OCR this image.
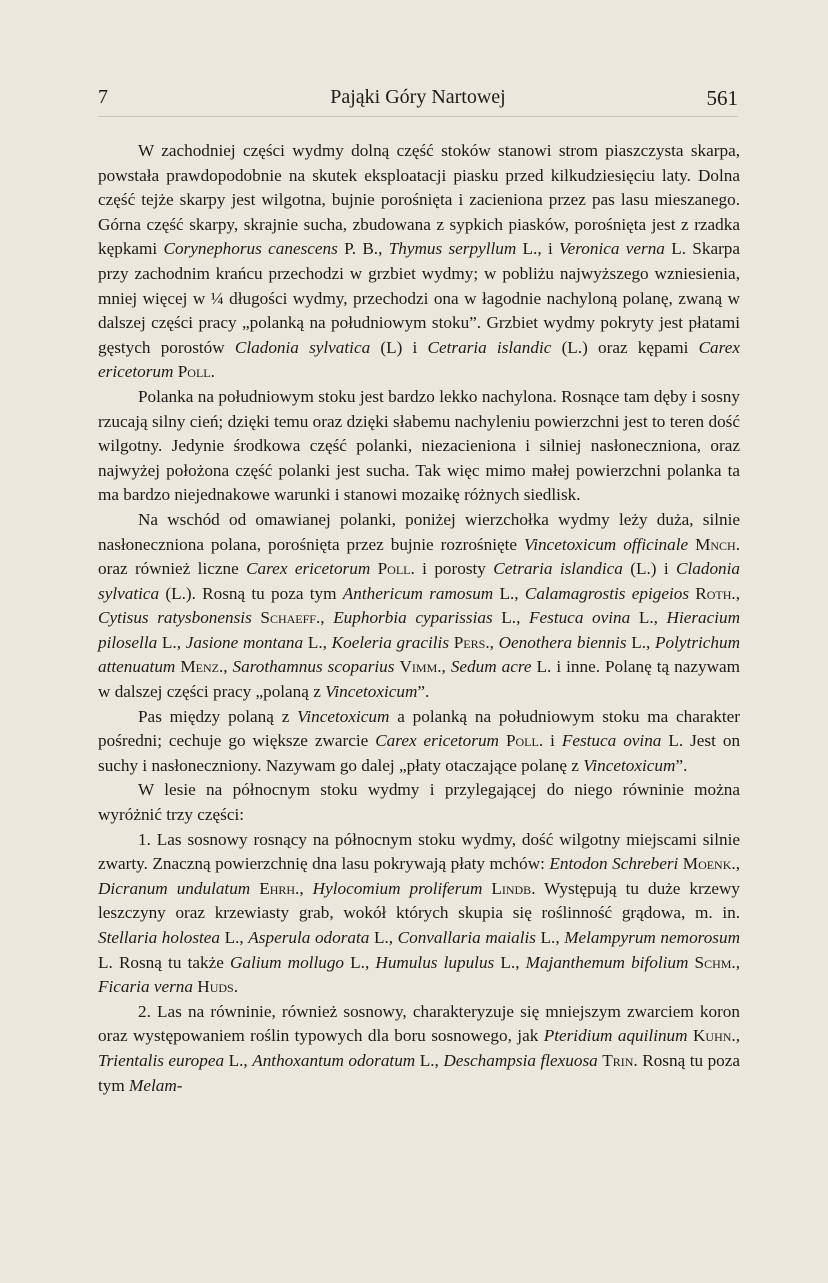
7	Pająki Góry Nartowej	561

W zachodniej części wydmy dolną część stoków stanowi strom piaszczysta skarpa, powstała prawdopodobnie na skutek eksploatacji piasku przed kilkudziesięciu laty. Dolna część tejże skarpy jest wilgotna, bujnie porośnięta i zacieniona przez pas lasu mieszanego. Górna część skarpy, skrajnie sucha, zbudowana z sypkich piasków, porośnięta jest z rzadka kępkami Corynephorus canescens P. B., Thymus serpyllum L., i Veronica verna L. Skarpa przy zachodnim krańcu przechodzi w grzbiet wydmy; w pobliżu najwyższego wzniesienia, mniej więcej w ¼ długości wydmy, przechodzi ona w łagodnie nachyloną polanę, zwaną w dalszej części pracy „polanką na południowym stoku”. Grzbiet wydmy pokryty jest płatami gęstych porostów Cladonia sylvatica (L) i Cetraria islandic (L.) oraz kępami Carex ericetorum Poll.

Polanka na południowym stoku jest bardzo lekko nachylona. Rosnące tam dęby i sosny rzucają silny cień; dzięki temu oraz dzięki słabemu nachyleniu powierzchni jest to teren dość wilgotny. Jedynie środkowa część polanki, niezacieniona i silniej nasłoneczniona, oraz najwyżej położona część polanki jest sucha. Tak więc mimo małej powierzchni polanka ta ma bardzo niejednakowe warunki i stanowi mozaikę różnych siedlisk.

Na wschód od omawianej polanki, poniżej wierzchołka wydmy leży duża, silnie nasłoneczniona polana, porośnięta przez bujnie rozrośnięte Vincetoxicum officinale Mnch. oraz również liczne Carex ericetorum Poll. i porosty Cetraria islandica (L.) i Cladonia sylvatica (L.). Rosną tu poza tym Anthericum ramosum L., Calamagrostis epigeios Roth., Cytisus ratysbonensis Schaeff., Euphorbia cyparissias L., Festuca ovina L., Hieracium pilosella L., Jasione montana L., Koeleria gracilis Pers., Oenothera biennis L., Polytrichum attenuatum Menz., Sarothamnus scoparius Vimm., Sedum acre L. i inne. Polanę tą nazywam w dalszej części pracy „polaną z Vincetoxicum”.

Pas między polaną z Vincetoxicum a polanką na południowym stoku ma charakter pośredni; cechuje go większe zwarcie Carex ericetorum Poll. i Festuca ovina L. Jest on suchy i nasłoneczniony. Nazywam go dalej „płaty otaczające polanę z Vincetoxicum”.

W lesie na północnym stoku wydmy i przylegającej do niego równinie można wyróżnić trzy części:

1. Las sosnowy rosnący na północnym stoku wydmy, dość wilgotny miejscami silnie zwarty. Znaczną powierzchnię dna lasu pokrywają płaty mchów: Entodon Schreberi Moenk., Dicranum undulatum Ehrh., Hylocomium proliferum Lindb. Występują tu duże krzewy leszczyny oraz krzewiasty grab, wokół których skupia się roślinność grądowa, m. in. Stellaria holostea L., Asperula odorata L., Convallaria maialis L., Melampyrum nemorosum L. Rosną tu także Galium mollugo L., Humulus lupulus L., Majanthemum bifolium Schm., Ficaria verna Huds.

2. Las na równinie, również sosnowy, charakteryzuje się mniejszym zwarciem koron oraz występowaniem roślin typowych dla boru sosnowego, jak Pteridium aquilinum Kuhn., Trientalis europea L., Anthoxantum odoratum L., Deschampsia flexuosa Trin. Rosną tu poza tym Melam-
